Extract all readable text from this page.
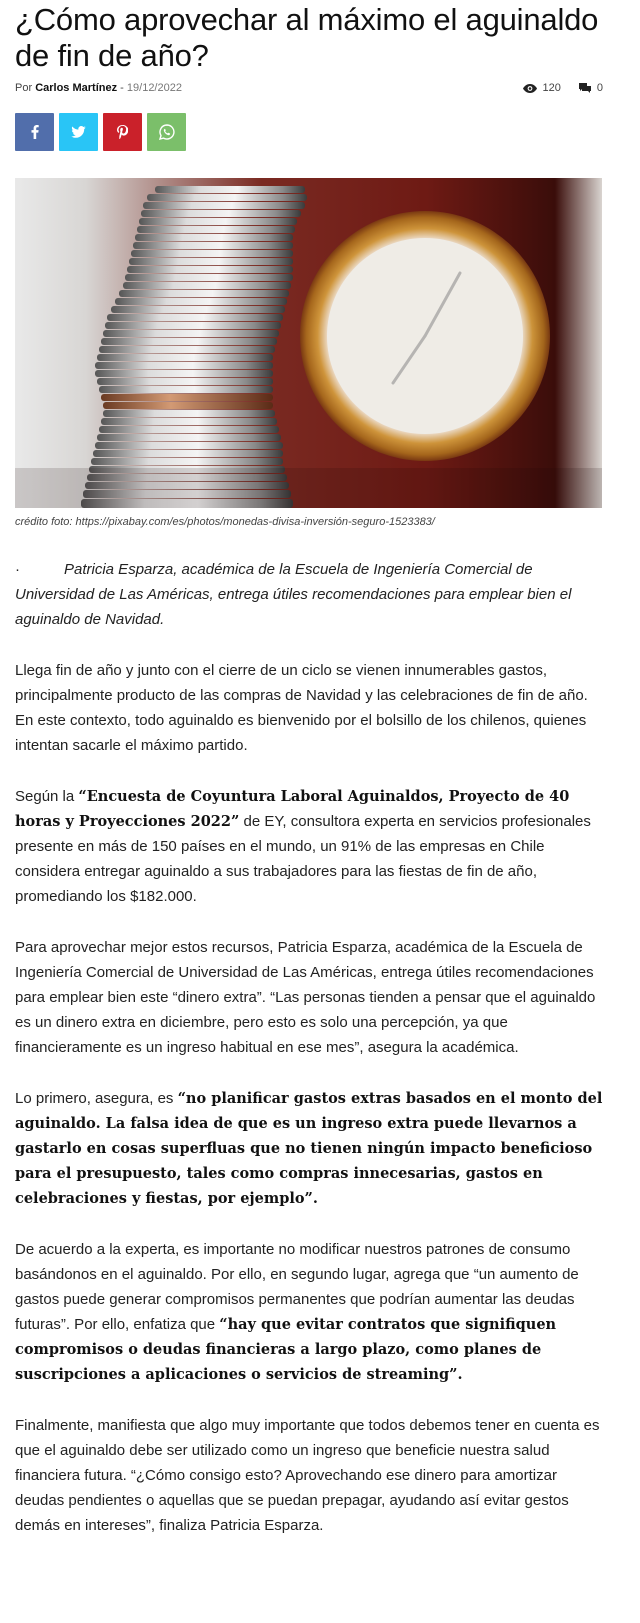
¿Cómo aprovechar al máximo el aguinaldo de fin de año?
Por Carlos Martínez - 19/12/2022	120	0
crédito foto: https://pixabay.com/es/photos/monedas-divisa-inversión-seguro-1523383/

·	Patricia Esparza, académica de la Escuela de Ingeniería Comercial de Universidad de Las Américas, entrega útiles recomendaciones para emplear bien el aguinaldo de Navidad.

Llega fin de año y junto con el cierre de un ciclo se vienen innumerables gastos, principalmente producto de las compras de Navidad y las celebraciones de fin de año. En este contexto, todo aguinaldo es bienvenido por el bolsillo de los chilenos, quienes intentan sacarle el máximo partido.

Según la “Encuesta de Coyuntura Laboral Aguinaldos, Proyecto de 40 horas y Proyecciones 2022” de EY, consultora experta en servicios profesionales presente en más de 150 países en el mundo, un 91% de las empresas en Chile considera entregar aguinaldo a sus trabajadores para las fiestas de fin de año, promediando los $182.000.

Para aprovechar mejor estos recursos, Patricia Esparza, académica de la Escuela de Ingeniería Comercial de Universidad de Las Américas, entrega útiles recomendaciones para emplear bien este “dinero extra”. “Las personas tienden a pensar que el aguinaldo es un dinero extra en diciembre, pero esto es solo una percepción, ya que financieramente es un ingreso habitual en ese mes”, asegura la académica.

Lo primero, asegura, es “no planificar gastos extras basados en el monto del aguinaldo. La falsa idea de que es un ingreso extra puede llevarnos a gastarlo en cosas superfluas que no tienen ningún impacto beneficioso para el presupuesto, tales como compras innecesarias, gastos en celebraciones y fiestas, por ejemplo”.

De acuerdo a la experta, es importante no modificar nuestros patrones de consumo basándonos en el aguinaldo. Por ello, en segundo lugar, agrega que “un aumento de gastos puede generar compromisos permanentes que podrían aumentar las deudas futuras”. Por ello, enfatiza que “hay que evitar contratos que signifiquen compromisos o deudas financieras a largo plazo, como planes de suscripciones a aplicaciones o servicios de streaming”.

Finalmente, manifiesta que algo muy importante que todos debemos tener en cuenta es que el aguinaldo debe ser utilizado como un ingreso que beneficie nuestra salud financiera futura. “¿Cómo consigo esto? Aprovechando ese dinero para amortizar deudas pendientes o aquellas que se puedan prepagar, ayudando así evitar gestos demás en intereses”, finaliza Patricia Esparza.
